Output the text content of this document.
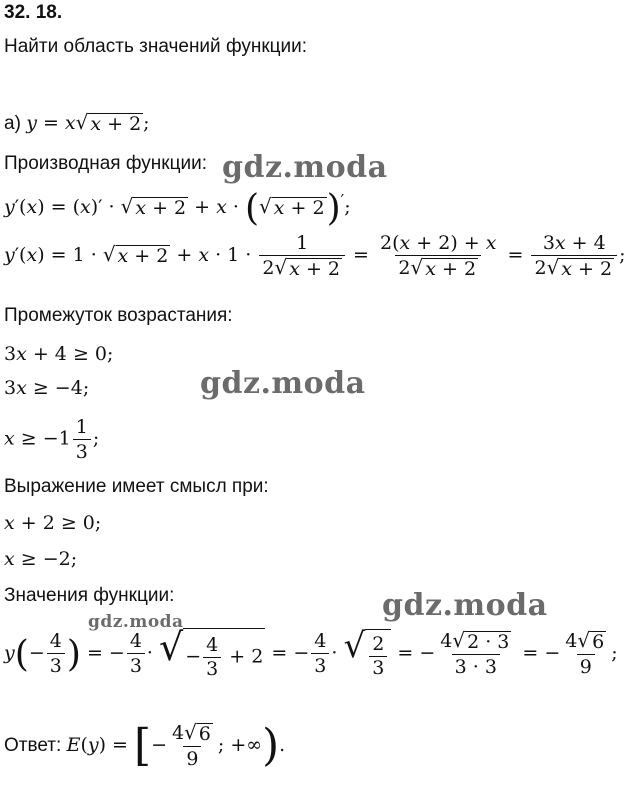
32. 18.
Найти область значений функции:
а) y = x √ x + 2 ;
Производная функции:
y′(x) = (x)′ · √ x + 2 + x · ( √ x + 2 )′;
y′(x) = 1 · √ $x + 2 + x \cdot 1 \cdot \frac{1}{2 √ x + 2} = \frac{2(x + 2) + x}{2 √ x + 2} = \frac{3x + 4}{2 √ x + 2}$ ;
Промежуток возрастания:
3x + 4 ≥ 0;
3x ≥ −4;
$x \ge -1 \frac{1}{3}$ ;
Выражение имеет смысл при:
x + 2 ≥ 0;
x ≥ −2;
Значения функции:
$y(- \frac{4}{3}$ ) = − $\frac{4}{3}$ · √ − $\frac{4}{3} + 2$ = − $\frac{4}{3}$ · √ $\frac{2}{3}$ = − $\frac{4 √ 2 \cdot 3}{3 \cdot 3}$ = − $\frac{4 √ 6}{9}$ ;
Ответ: E(y) = [− $\frac{4 √ 6}{9}$ ; +∞).
gdz.moda
gdz.moda
gdz.moda
gdz.moda
